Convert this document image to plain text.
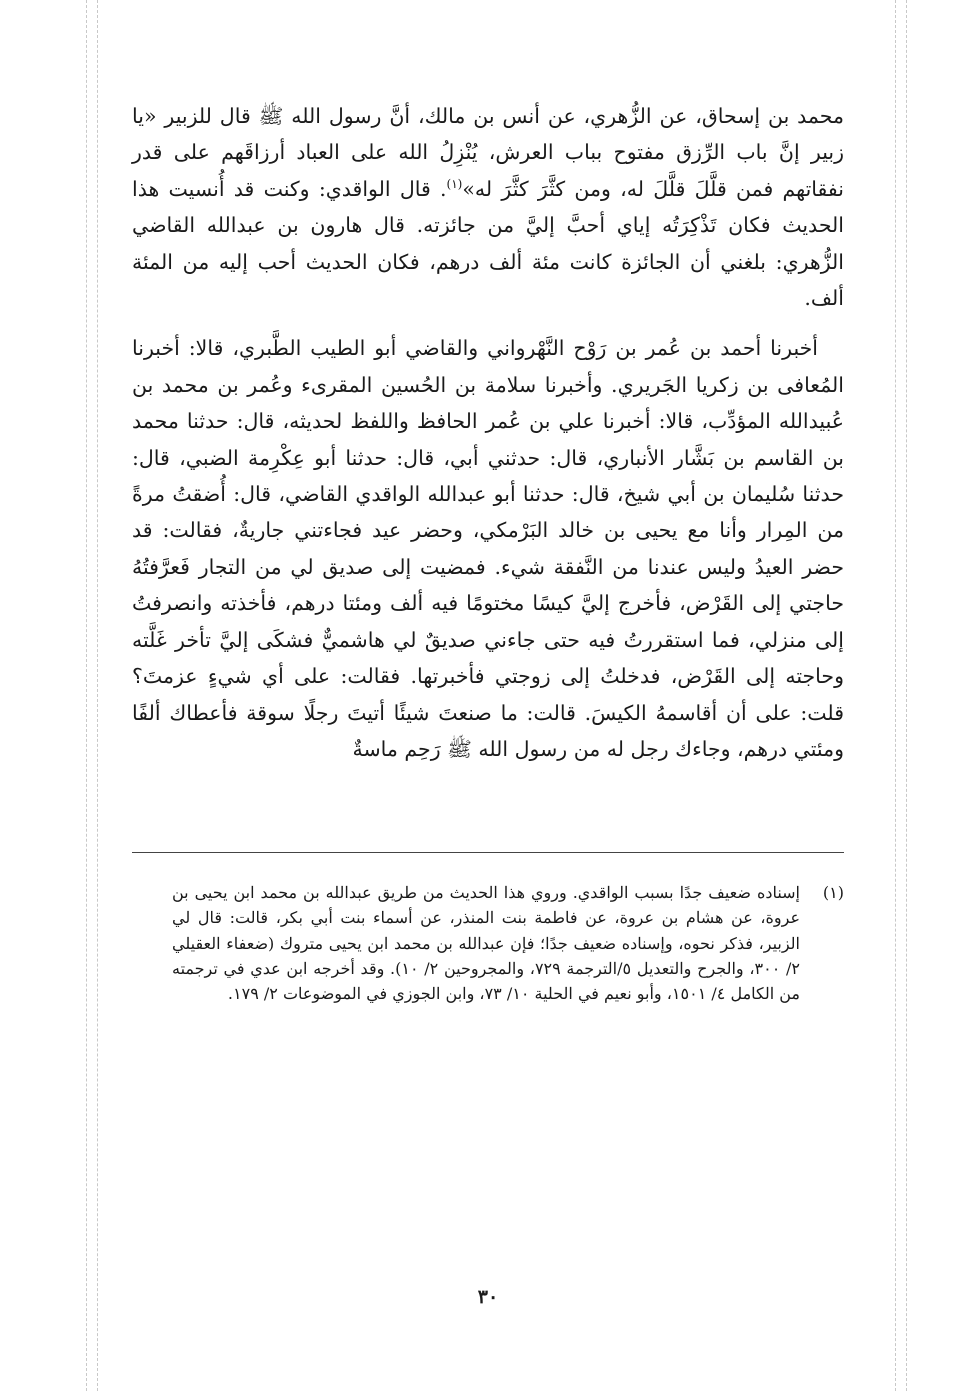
محمد بن إسحاق، عن الزُّهري، عن أنس بن مالك، أنَّ رسول الله ﷺ قال للزبير «يا زبير إنَّ باب الرِّزق مفتوح بباب العرش، يُنْزِلُ الله على العباد أرزاقَهم على قدر نفقاتهم فمن قلَّلَ قلَّلَ له، ومن كثَّرَ كثَّرَ له»$^{(١)}$. قال الواقدي: وكنت قد أُنسيت هذا الحديث فكان تَذْكِرَتُه إياي أحبَّ إليَّ من جائزته. قال هارون بن عبدالله القاضي الزُّهري: بلغني أن الجائزة كانت مئة ألف درهم، فكان الحديث أحب إليه من المئة ألف.

أخبرنا أحمد بن عُمر بن رَوْح النَّهْرواني والقاضي أبو الطيب الطَّبري، قالا: أخبرنا المُعافى بن زكريا الجَريري. وأخبرنا سلامة بن الحُسين المقرىء وعُمر بن محمد بن عُبيدالله المؤدِّب، قالا: أخبرنا علي بن عُمر الحافظ واللفظ لحديثه، قال: حدثنا محمد بن القاسم بن بَشَّار الأنباري، قال: حدثني أبي، قال: حدثنا أبو عِكْرِمة الضبي، قال: حدثنا سُليمان بن أبي شيخ، قال: حدثنا أبو عبدالله الواقدي القاضي، قال: أُضقتُ مرةً من المِرار وأنا مع يحيى بن خالد البَرْمكي، وحضر عيد فجاءتني جاريةٌ، فقالت: قد حضر العيدُ وليس عندنا من النَّفقة شيء. فمضيت إلى صديق لي من التجار فَعرَّفتُهُ حاجتي إلى القَرْض، فأخرج إليَّ كيسًا مختومًا فيه ألف ومئتا درهم، فأخذته وانصرفتُ إلى منزلي، فما استقررتُ فيه حتى جاءني صديقٌ لي هاشميٌّ فشكَى إليَّ تأخر غَلَّته وحاجته إلى القَرْض، فدخلتُ إلى زوجتي فأخبرتها. فقالت: على أي شيءٍ عزمتَ؟ قلت: على أن أقاسمهُ الكيسَ. قالت: ما صنعتَ شيئًا أتيتَ رجلًا سوقة فأعطاك ألفًا ومئتي درهم، وجاءك رجل له من رسول الله ﷺ رَحِم ماسةٌ

(١)
إسناده ضعيف جدًا بسبب الواقدي. وروي هذا الحديث من طريق عبدالله بن محمد ابن يحيى بن عروة، عن هشام بن عروة، عن فاطمة بنت المنذر، عن أسماء بنت أبي بكر، قالت: قال لي الزبير، فذكر نحوه، وإسناده ضعيف جدًا؛ فإن عبدالله بن محمد ابن يحيى متروك (ضعفاء العقيلي ٢/ ٣٠٠، والجرح والتعديل ٥/الترجمة ٧٢٩، والمجروحين ٢/ ١٠). وقد أخرجه ابن عدي في ترجمته من الكامل ٤/ ١٥٠١، وأبو نعيم في الحلية ١٠/ ٧٣، وابن الجوزي في الموضوعات ٢/ ١٧٩.
٣٠
